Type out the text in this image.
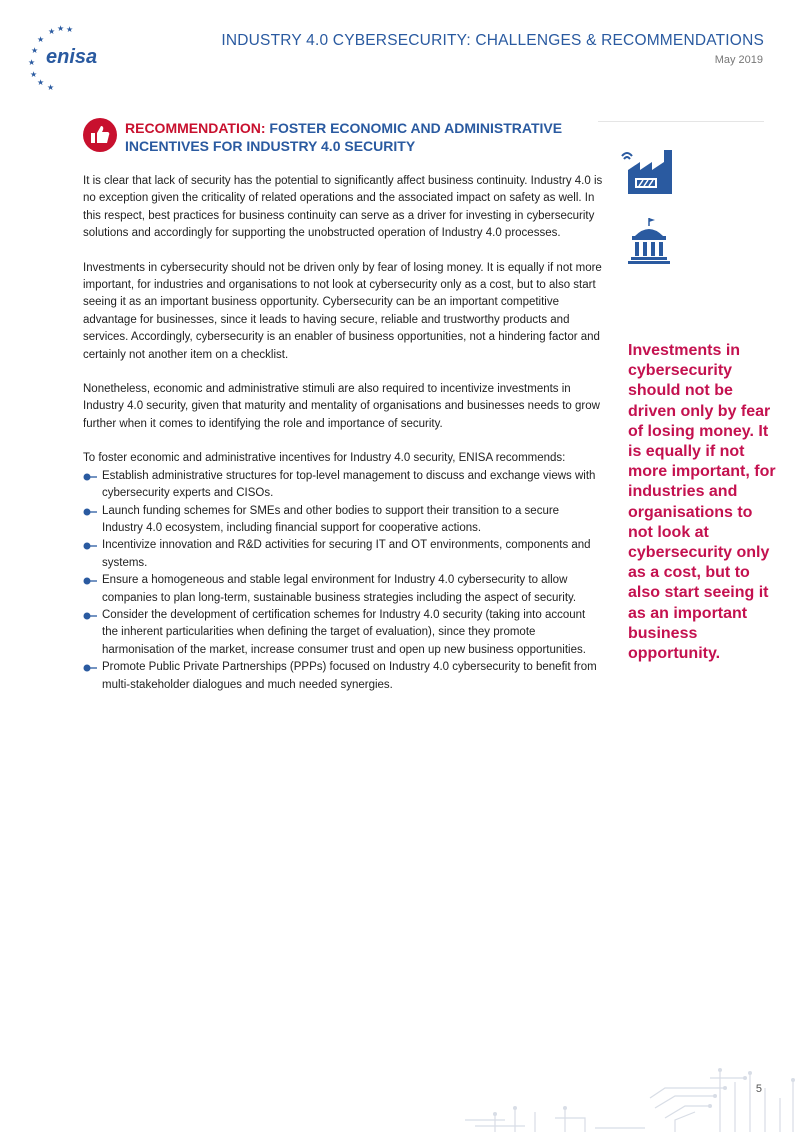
★ ★ ★
★
★
★
★
★
★
enisa
INDUSTRY 4.0 CYBERSECURITY: CHALLENGES & RECOMMENDATIONS
May 2019
RECOMMENDATION: FOSTER ECONOMIC AND ADMINISTRATIVE INCENTIVES FOR INDUSTRY 4.0 SECURITY

It is clear that lack of security has the potential to significantly affect business continuity. Industry 4.0 is no exception given the criticality of related operations and the associated impact on safety as well. In this respect, best practices for business continuity can serve as a driver for investing in cybersecurity solutions and accordingly for supporting the unobstructed operation of Industry 4.0 processes.

Investments in cybersecurity should not be driven only by fear of losing money. It is equally if not more important, for industries and organisations to not look at cybersecurity only as a cost, but to also start seeing it as an important business opportunity. Cybersecurity can be an important competitive advantage for businesses, since it leads to having secure, reliable and trustworthy products and services. Accordingly, cybersecurity is an enabler of business opportunities, not a hindering factor and certainly not another item on a checklist.

Nonetheless, economic and administrative stimuli are also required to incentivize investments in Industry 4.0 security, given that maturity and mentality of organisations and businesses needs to grow further when it comes to identifying the role and importance of security.

To foster economic and administrative incentives for Industry 4.0 security, ENISA recommends:
Establish administrative structures for top-level management to discuss and exchange views with cybersecurity experts and CISOs.
Launch funding schemes for SMEs and other bodies to support their transition to a secure Industry 4.0 ecosystem, including financial support for cooperative actions.
Incentivize innovation and R&D activities for securing IT and OT environments, components and systems.
Ensure a homogeneous and stable legal environment for Industry 4.0 cybersecurity to allow companies to plan long-term, sustainable business strategies including the aspect of security.
Consider the development of certification schemes for Industry 4.0 security (taking into account the inherent particularities when defining the target of evaluation), since they promote harmonisation of the market, increase consumer trust and open up new business opportunities.
Promote Public Private Partnerships (PPPs) focused on Industry 4.0 cybersecurity to benefit from multi-stakeholder dialogues and much needed synergies.
Investments in cybersecurity should not be driven only by fear of losing money. It is equally if not more important, for industries and organisations to not look at cybersecurity only as a cost, but to also start seeing it as an important business opportunity.
5
